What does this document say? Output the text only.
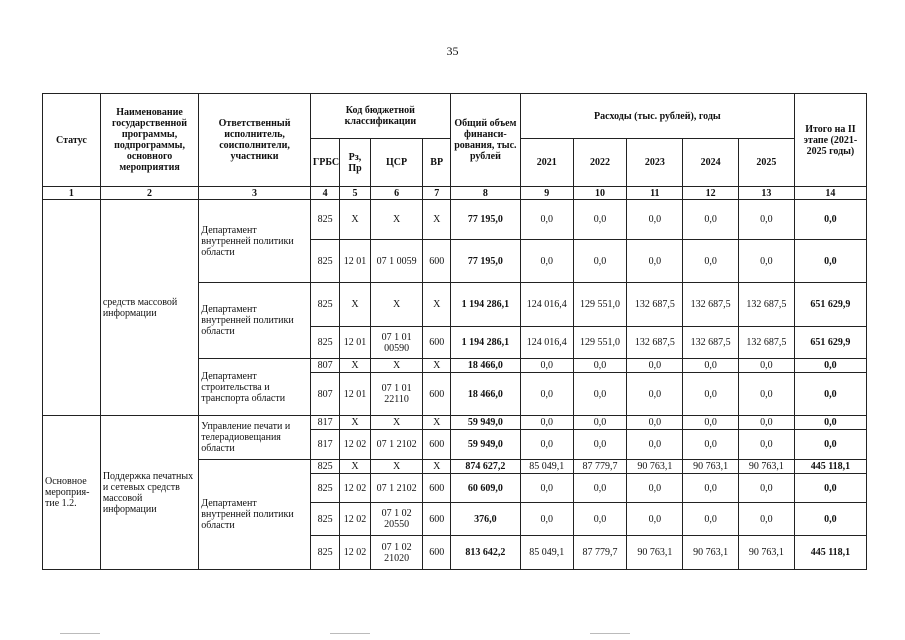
35
Статус	Наименование государственной программы, подпрограммы, основного мероприятия	Ответственный исполнитель, соисполнители, участники	Код бюджетной классификации				Общий объем финанси-рования, тыс. рублей	Расходы (тыс. рублей), годы					Итого на II этапе (2021-2025 годы)
			ГРБС	Рз, Пр	ЦСР	ВР		2021	2022	2023	2024	2025	
1	2	3	4	5	6	7	8	9	10	11	12	13	14
	средств массовой информации	Департамент внутренней политики области	825	X	X	X	77 195,0	0,0	0,0	0,0	0,0	0,0	0,0
			825	12 01	07 1 0059	600	77 195,0	0,0	0,0	0,0	0,0	0,0	0,0
		Департамент внутренней политики области	825	X	X	X	1 194 286,1	124 016,4	129 551,0	132 687,5	132 687,5	132 687,5	651 629,9
			825	12 01	07 1 01 00590	600	1 194 286,1	124 016,4	129 551,0	132 687,5	132 687,5	132 687,5	651 629,9
		Департамент строительства и транспорта области	807	X	X	X	18 466,0	0,0	0,0	0,0	0,0	0,0	0,0
			807	12 01	07 1 01 22110	600	18 466,0	0,0	0,0	0,0	0,0	0,0	0,0
Основное мероприя-тие 1.2.	Поддержка печатных и сетевых средств массовой информации	Управление печати и телерадиовещания области	817	X	X	X	59 949,0	0,0	0,0	0,0	0,0	0,0	0,0
			817	12 02	07 1 2102	600	59 949,0	0,0	0,0	0,0	0,0	0,0	0,0
		Департамент внутренней политики области	825	X	X	X	874 627,2	85 049,1	87 779,7	90 763,1	90 763,1	90 763,1	445 118,1
			825	12 02	07 1 2102	600	60 609,0	0,0	0,0	0,0	0,0	0,0	0,0
			825	12 02	07 1 02 20550	600	376,0	0,0	0,0	0,0	0,0	0,0	0,0
			825	12 02	07 1 02 21020	600	813 642,2	85 049,1	87 779,7	90 763,1	90 763,1	90 763,1	445 118,1
